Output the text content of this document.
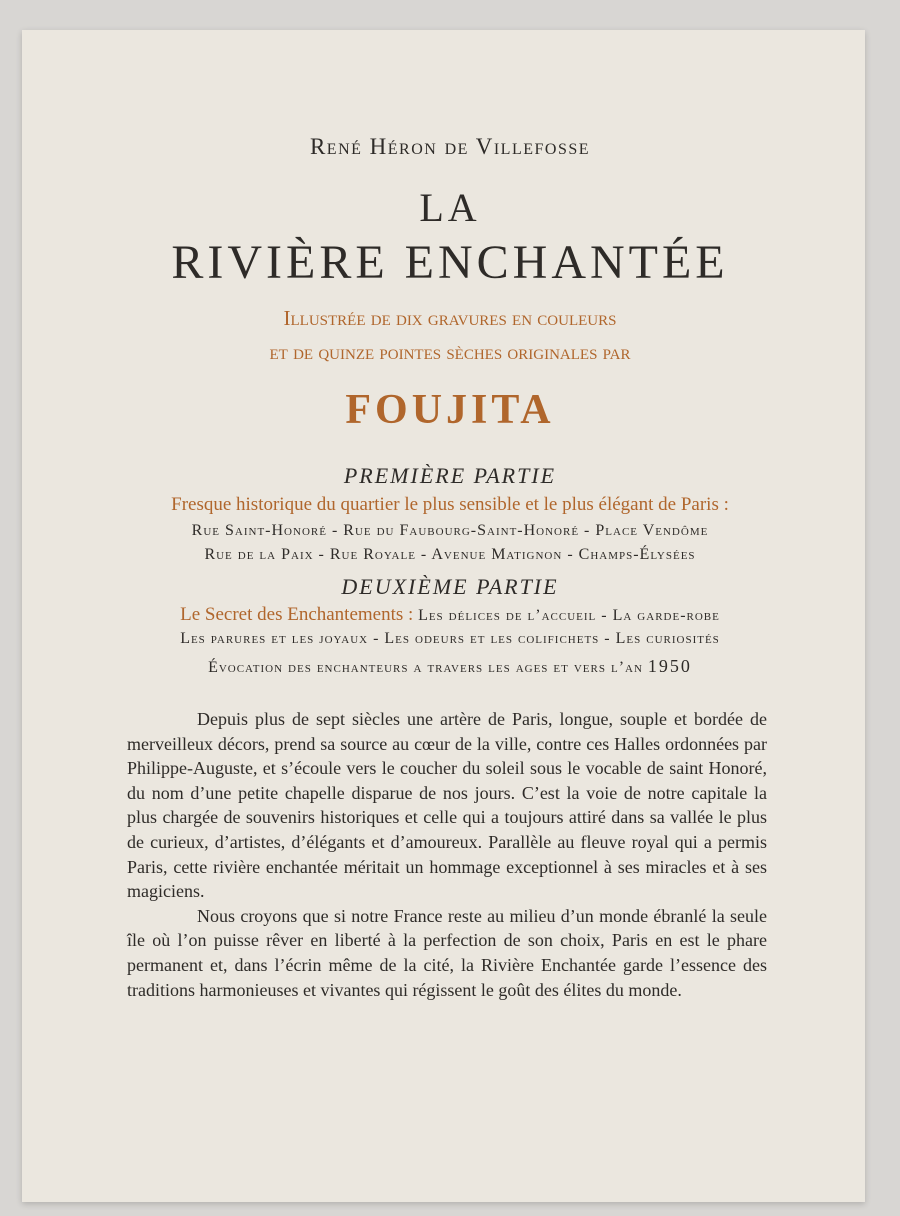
René Héron de Villefosse
LA
RIVIÈRE ENCHANTÉE
Illustrée de dix gravures en couleurs
et de quinze pointes sèches originales par
FOUJITA
PREMIÈRE PARTIE
Fresque historique du quartier le plus sensible et le plus élégant de Paris :
Rue Saint-Honoré - Rue du Faubourg-Saint-Honoré - Place Vendôme
Rue de la Paix - Rue Royale - Avenue Matignon - Champs-Élysées
DEUXIÈME PARTIE
Le Secret des Enchantements : Les délices de l’accueil - La garde-robe
Les parures et les joyaux - Les odeurs et les colifichets - Les curiosités
Évocation des enchanteurs a travers les ages et vers l’an 1950

Depuis plus de sept siècles une artère de Paris, longue, souple et bordée de merveilleux décors, prend sa source au cœur de la ville, contre ces Halles ordonnées par Philippe-Auguste, et s’écoule vers le coucher du soleil sous le vocable de saint Honoré, du nom d’une petite chapelle disparue de nos jours. C’est la voie de notre capitale la plus chargée de souvenirs historiques et celle qui a toujours attiré dans sa vallée le plus de curieux, d’artistes, d’élégants et d’amoureux. Parallèle au fleuve royal qui a permis Paris, cette rivière enchantée méritait un hommage exceptionnel à ses miracles et à ses magiciens.

Nous croyons que si notre France reste au milieu d’un monde ébranlé la seule île où l’on puisse rêver en liberté à la perfection de son choix, Paris en est le phare permanent et, dans l’écrin même de la cité, la Rivière Enchantée garde l’essence des traditions harmonieuses et vivantes qui régissent le goût des élites du monde.
